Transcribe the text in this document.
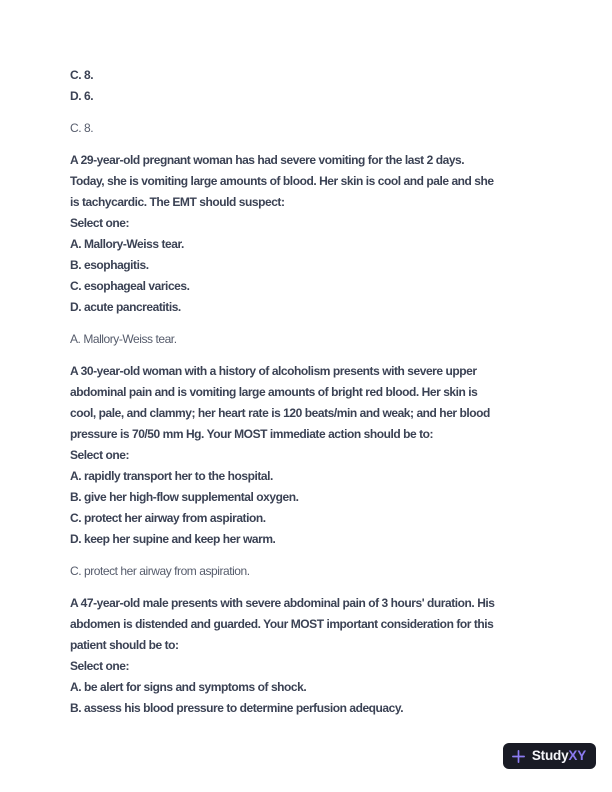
C. 8.
D. 6.
C. 8.
A 29-year-old pregnant woman has had severe vomiting for the last 2 days.
Today, she is vomiting large amounts of blood. Her skin is cool and pale and she
is tachycardic. The EMT should suspect:
Select one:
A. Mallory-Weiss tear.
B. esophagitis.
C. esophageal varices.
D. acute pancreatitis.
A. Mallory-Weiss tear.
A 30-year-old woman with a history of alcoholism presents with severe upper
abdominal pain and is vomiting large amounts of bright red blood. Her skin is
cool, pale, and clammy; her heart rate is 120 beats/min and weak; and her blood
pressure is 70/50 mm Hg. Your MOST immediate action should be to:
Select one:
A. rapidly transport her to the hospital.
B. give her high-flow supplemental oxygen.
C. protect her airway from aspiration.
D. keep her supine and keep her warm.
C. protect her airway from aspiration.
A 47-year-old male presents with severe abdominal pain of 3 hours' duration. His
abdomen is distended and guarded. Your MOST important consideration for this
patient should be to:
Select one:
A. be alert for signs and symptoms of shock.
B. assess his blood pressure to determine perfusion adequacy.
StudyXY
